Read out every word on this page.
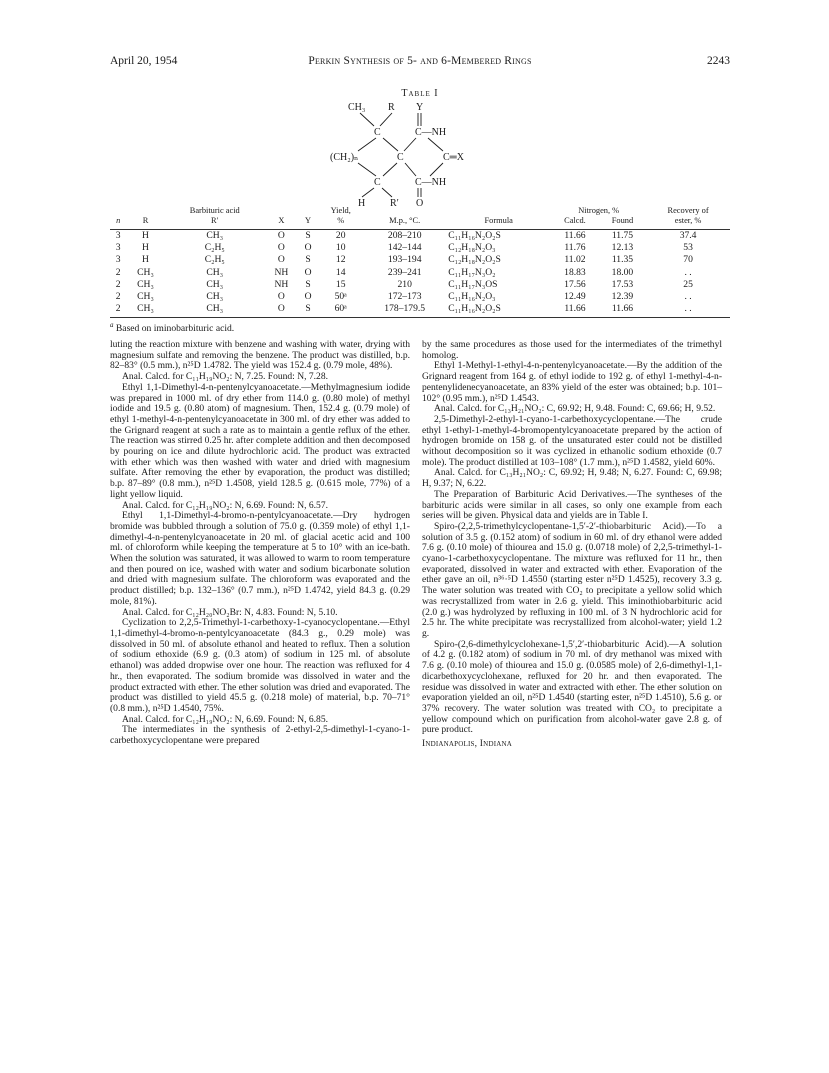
April 20, 1954	Perkin Synthesis of 5- and 6-Membered Rings	2243
Table I
CH₃ R Y
C	C—NH
(CH₂)ₙ	C	C═X
C	C—NH
H R′ O
		Barbituric acid			Yield,			Nitrogen, %		Recovery of
n	R	R′	X	Y	%	M.p., °C.	Formula	Calcd.	Found	ester, %

3	H	CH₃	O	S	20	208–210	C₁₁H₁₆N₂O₂S	11.66	11.75	37.4
3	H	C₂H₅	O	O	10	142–144	C₁₂H₁₈N₂O₃	11.76	12.13	53
3	H	C₂H₅	O	S	12	193–194	C₁₂H₁₈N₂O₂S	11.02	11.35	70
2	CH₃	CH₃	NH	O	14	239–241	C₁₁H₁₇N₃O₂	18.83	18.00	. .
2	CH₃	CH₃	NH	S	15	210	C₁₁H₁₇N₃OS	17.56	17.53	25
2	CH₃	CH₃	O	O	50ᵃ	172–173	C₁₁H₁₆N₂O₃	12.49	12.39	. .
2	CH₃	CH₃	O	S	60ᵃ	178–179.5	C₁₁H₁₆N₂O₂S	11.66	11.66	. .
$^a$ Based on iminobarbituric acid.

luting the reaction mixture with benzene and washing with water, drying with magnesium sulfate and removing the benzene. The product was distilled, b.p. 82–83° (0.5 mm.), n²⁵D 1.4782. The yield was 152.4 g. (0.79 mole, 48%).

Anal. Calcd. for C₁₁H₁₉NO₂: N, 7.25. Found: N, 7.28.

Ethyl 1,1-Dimethyl-4-n-pentenylcyanoacetate.—Methylmagnesium iodide was prepared in 1000 ml. of dry ether from 114.0 g. (0.80 mole) of methyl iodide and 19.5 g. (0.80 atom) of magnesium. Then, 152.4 g. (0.79 mole) of ethyl 1-methyl-4-n-pentenylcyanoacetate in 300 ml. of dry ether was added to the Grignard reagent at such a rate as to maintain a gentle reflux of the ether. The reaction was stirred 0.25 hr. after complete addition and then decomposed by pouring on ice and dilute hydrochloric acid. The product was extracted with ether which was then washed with water and dried with magnesium sulfate. After removing the ether by evaporation, the product was distilled; b.p. 87–89° (0.8 mm.), n²⁵D 1.4508, yield 128.5 g. (0.615 mole, 77%) of a light yellow liquid.

Anal. Calcd. for C₁₂H₁₉NO₂: N, 6.69. Found: N, 6.57.

Ethyl 1,1-Dimethyl-4-bromo-n-pentylcyanoacetate.—Dry hydrogen bromide was bubbled through a solution of 75.0 g. (0.359 mole) of ethyl 1,1-dimethyl-4-n-pentenylcyanoacetate in 20 ml. of glacial acetic acid and 100 ml. of chloroform while keeping the temperature at 5 to 10° with an ice-bath. When the solution was saturated, it was allowed to warm to room temperature and then poured on ice, washed with water and sodium bicarbonate solution and dried with magnesium sulfate. The chloroform was evaporated and the product distilled; b.p. 132–136° (0.7 mm.), n²⁵D 1.4742, yield 84.3 g. (0.29 mole, 81%).

Anal. Calcd. for C₁₂H₂₀NO₂Br: N, 4.83. Found: N, 5.10.

Cyclization to 2,2,5-Trimethyl-1-carbethoxy-1-cyanocyclopentane.—Ethyl 1,1-dimethyl-4-bromo-n-pentylcyanoacetate (84.3 g., 0.29 mole) was dissolved in 50 ml. of absolute ethanol and heated to reflux. Then a solution of sodium ethoxide (6.9 g. (0.3 atom) of sodium in 125 ml. of absolute ethanol) was added dropwise over one hour. The reaction was refluxed for 4 hr., then evaporated. The sodium bromide was dissolved in water and the product extracted with ether. The ether solution was dried and evaporated. The product was distilled to yield 45.5 g. (0.218 mole) of material, b.p. 70–71° (0.8 mm.), n²⁵D 1.4540, 75%.

Anal. Calcd. for C₁₂H₁₉NO₂: N, 6.69. Found: N, 6.85.

The intermediates in the synthesis of 2-ethyl-2,5-dimethyl-1-cyano-1-carbethoxycyclopentane were prepared

by the same procedures as those used for the intermediates of the trimethyl homolog.

Ethyl 1-Methyl-1-ethyl-4-n-pentenylcyanoacetate.—By the addition of the Grignard reagent from 164 g. of ethyl iodide to 192 g. of ethyl 1-methyl-4-n-pentenylidenecyanoacetate, an 83% yield of the ester was obtained; b.p. 101–102° (0.95 mm.), n²⁵D 1.4543.

Anal. Calcd. for C₁₃H₂₁NO₂: C, 69.92; H, 9.48. Found: C, 69.66; H, 9.52.

2,5-Dimethyl-2-ethyl-1-cyano-1-carbethoxycyclopentane.—The crude ethyl 1-ethyl-1-methyl-4-bromopentylcyanoacetate prepared by the action of hydrogen bromide on 158 g. of the unsaturated ester could not be distilled without decomposition so it was cyclized in ethanolic sodium ethoxide (0.7 mole). The product distilled at 103–108° (1.7 mm.), n²⁵D 1.4582, yield 60%.

Anal. Calcd. for C₁₃H₂₁NO₂: C, 69.92; H, 9.48; N, 6.27. Found: C, 69.98; H, 9.37; N, 6.22.

The Preparation of Barbituric Acid Derivatives.—The syntheses of the barbituric acids were similar in all cases, so only one example from each series will be given. Physical data and yields are in Table I.

Spiro-(2,2,5-trimethylcyclopentane-1,5′-2′-thiobarbituric Acid).—To a solution of 3.5 g. (0.152 atom) of sodium in 60 ml. of dry ethanol were added 7.6 g. (0.10 mole) of thiourea and 15.0 g. (0.0718 mole) of 2,2,5-trimethyl-1-cyano-1-carbethoxycyclopentane. The mixture was refluxed for 11 hr., then evaporated, dissolved in water and extracted with ether. Evaporation of the ether gave an oil, n³⁶·⁵D 1.4550 (starting ester n²⁵D 1.4525), recovery 3.3 g. The water solution was treated with CO₂ to precipitate a yellow solid which was recrystallized from water in 2.6 g. yield. This iminothiobarbituric acid (2.0 g.) was hydrolyzed by refluxing in 100 ml. of 3 N hydrochloric acid for 2.5 hr. The white precipitate was recrystallized from alcohol-water; yield 1.2 g.

Spiro-(2,6-dimethylcyclohexane-1,5′,2′-thiobarbituric Acid).—A solution of 4.2 g. (0.182 atom) of sodium in 70 ml. of dry methanol was mixed with 7.6 g. (0.10 mole) of thiourea and 15.0 g. (0.0585 mole) of 2,6-dimethyl-1,1-dicarbethoxycyclohexane, refluxed for 20 hr. and then evaporated. The residue was dissolved in water and extracted with ether. The ether solution on evaporation yielded an oil, n²⁵D 1.4540 (starting ester, n²⁵D 1.4510), 5.6 g. or 37% recovery. The water solution was treated with CO₂ to precipitate a yellow compound which on purification from alcohol-water gave 2.8 g. of pure product.

Indianapolis, Indiana
